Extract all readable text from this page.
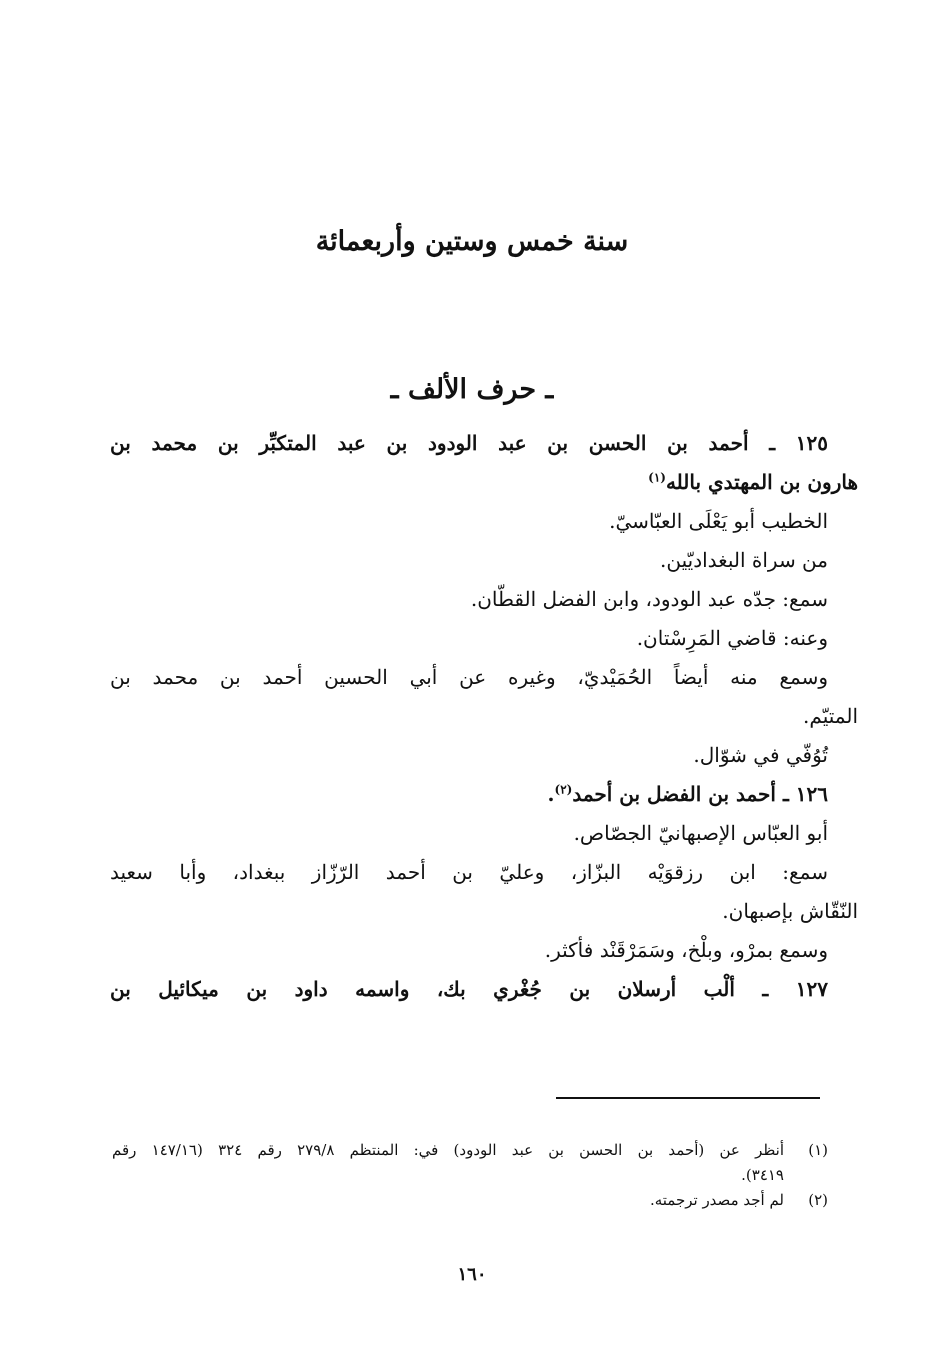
سنة خمس وستين وأربعمائة
ـ حرف الألف ـ
١٢٥ ـ أحمد بن الحسن بن عبد الودود بن عبد المتكبِّر بن محمد بن
هارون بن المهتدي بالله$^{(١)}$
الخطيب أبو يَعْلَى العبّاسيّ.
من سراة البغداديّين.
سمع: جدّه عبد الودود، وابن الفضل القطّان.
وعنه: قاضي المَرِسْتان.
وسمع منه أيضاً الحُمَيْديّ، وغيره عن أبي الحسين أحمد بن محمد بن
المتيّم.
تُوُفّي في شوّال.
١٢٦ ـ أحمد بن الفضل بن أحمد$^{(٢)}$.
أبو العبّاس الإصبهانيّ الجصّاص.
سمع: ابن رزقوَيْه البزّاز، وعليّ بن أحمد الرّزّاز ببغداد، وأبا سعيد
النّقّاش بإصبهان.
وسمع بمرْو، وبلْخ، وسَمَرْقَنْد فأكثر.
١٢٧ ـ ألْب أرسلان بن جُغْري بك، واسمه داود بن ميكائيل بن
(١)
أنظر عن (أحمد بن الحسن بن عبد الودود) في: المنتظم ٢٧٩/٨ رقم ٣٢٤ (١٤٧/١٦ رقم
٣٤١٩).
(٢)
لم أجد مصدر ترجمته.
١٦٠
